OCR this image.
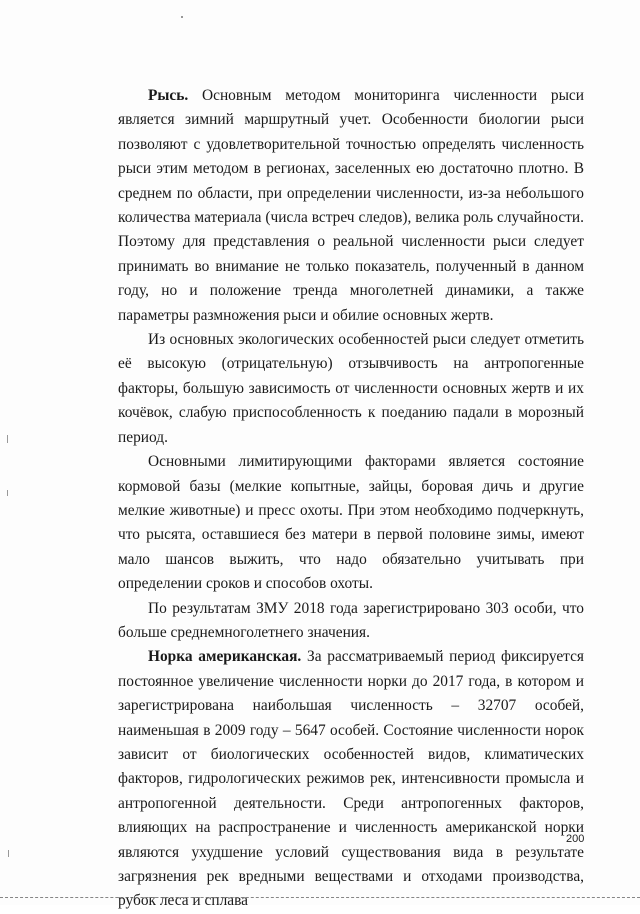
Рысь. Основным методом мониторинга численности рыси является зимний маршрутный учет. Особенности биологии рыси позволяют с удовлетворительной точностью определять численность рыси этим методом в регионах, заселенных ею достаточно плотно. В среднем по области, при определении численности, из-за небольшого количества материала (числа встреч следов), велика роль случайности. Поэтому для представления о реальной численности рыси следует принимать во внимание не только показатель, полученный в данном году, но и положение тренда многолетней динамики, а также параметры размножения рыси и обилие основных жертв.

Из основных экологических особенностей рыси следует отметить её высокую (отрицательную) отзывчивость на антропогенные факторы, большую зависимость от численности основных жертв и их кочёвок, слабую приспособленность к поеданию падали в морозный период.

Основными лимитирующими факторами является состояние кормовой базы (мелкие копытные, зайцы, боровая дичь и другие мелкие животные) и пресс охоты. При этом необходимо подчеркнуть, что рысята, оставшиеся без матери в первой половине зимы, имеют мало шансов выжить, что надо обязательно учитывать при определении сроков и способов охоты.

По результатам ЗМУ 2018 года зарегистрировано 303 особи, что больше среднемноголетнего значения.

Норка американская. За рассматриваемый период фиксируется постоянное увеличение численности норки до 2017 года, в котором и зарегистрирована наибольшая численность – 32707 особей, наименьшая в 2009 году – 5647 особей. Состояние численности норок зависит от биологических особенностей видов, климатических факторов, гидрологических режимов рек, интенсивности промысла и антропогенной деятельности. Среди антропогенных факторов, влияющих на распространение и численность американской норки являются ухудшение условий существования вида в результате загрязнения рек вредными веществами и отходами производства, рубок леса и сплава

200
